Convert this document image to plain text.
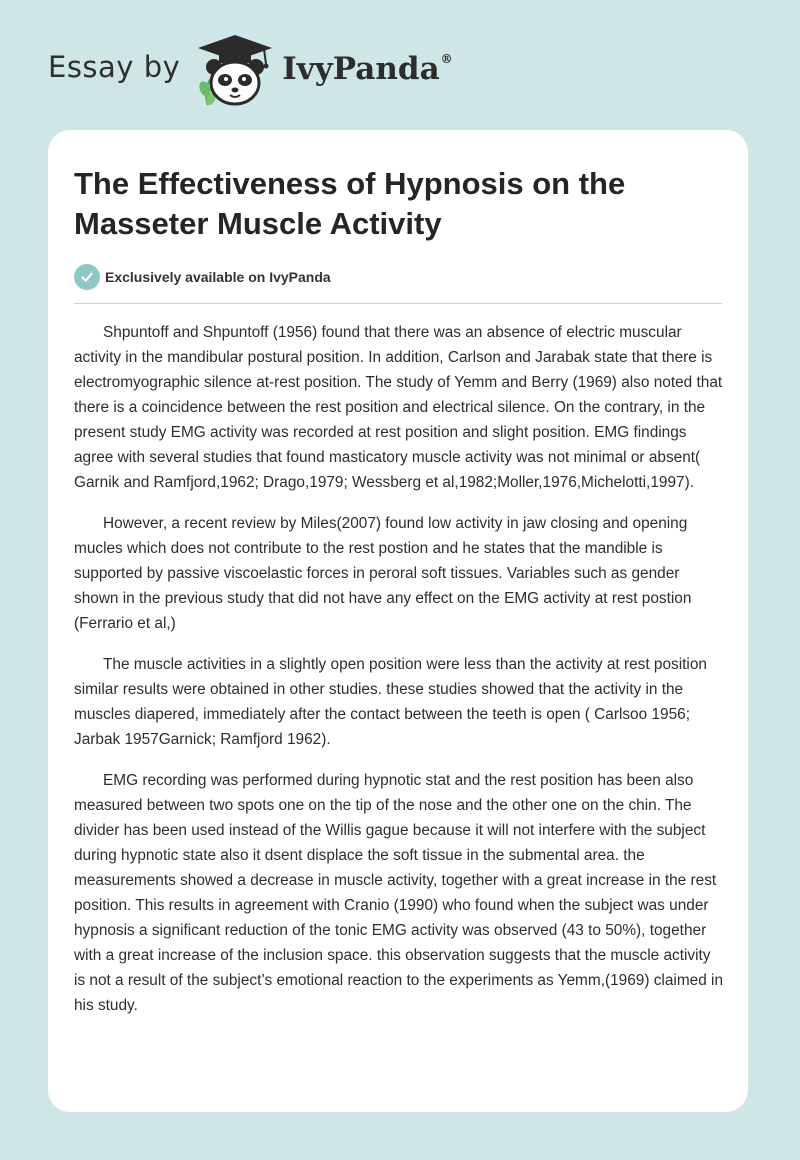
Essay by	IvyPanda®
The Effectiveness of Hypnosis on the Masseter Muscle Activity
Exclusively available on IvyPanda

Shpuntoff and Shpuntoff (1956) found that there was an absence of electric muscular activity in the mandibular postural position. In addition, Carlson and Jarabak state that there is electromyographic silence at-rest position. The study of Yemm and Berry (1969) also noted that there is a coincidence between the rest position and electrical silence. On the contrary, in the present study EMG activity was recorded at rest position and slight position. EMG findings agree with several studies that found masticatory muscle activity was not minimal or absent( Garnik and Ramfjord,1962; Drago,1979; Wessberg et al,1982;Moller,1976,Michelotti,1997).

However, a recent review by Miles(2007) found low activity in jaw closing and opening mucles which does not contribute to the rest postion and he states that the mandible is supported by passive viscoelastic forces in peroral soft tissues. Variables such as gender shown in the previous study that did not have any effect on the EMG activity at rest postion (Ferrario et al,)

The muscle activities in a slightly open position were less than the activity at rest position similar results were obtained in other studies. these studies showed that the activity in the muscles diapered, immediately after the contact between the teeth is open ( Carlsoo 1956; Jarbak 1957Garnick; Ramfjord 1962).

EMG recording was performed during hypnotic stat and the rest position has been also measured between two spots one on the tip of the nose and the other one on the chin. The divider has been used instead of the Willis gague because it will not interfere with the subject during hypnotic state also it dsent displace the soft tissue in the submental area. the measurements showed a decrease in muscle activity, together with a great increase in the rest position. This results in agreement with Cranio (1990) who found when the subject was under hypnosis a significant reduction of the tonic EMG activity was observed (43 to 50%), together with a great increase of the inclusion space. this observation suggests that the muscle activity is not a result of the subject’s emotional reaction to the experiments as Yemm,(1969) claimed in his study.
